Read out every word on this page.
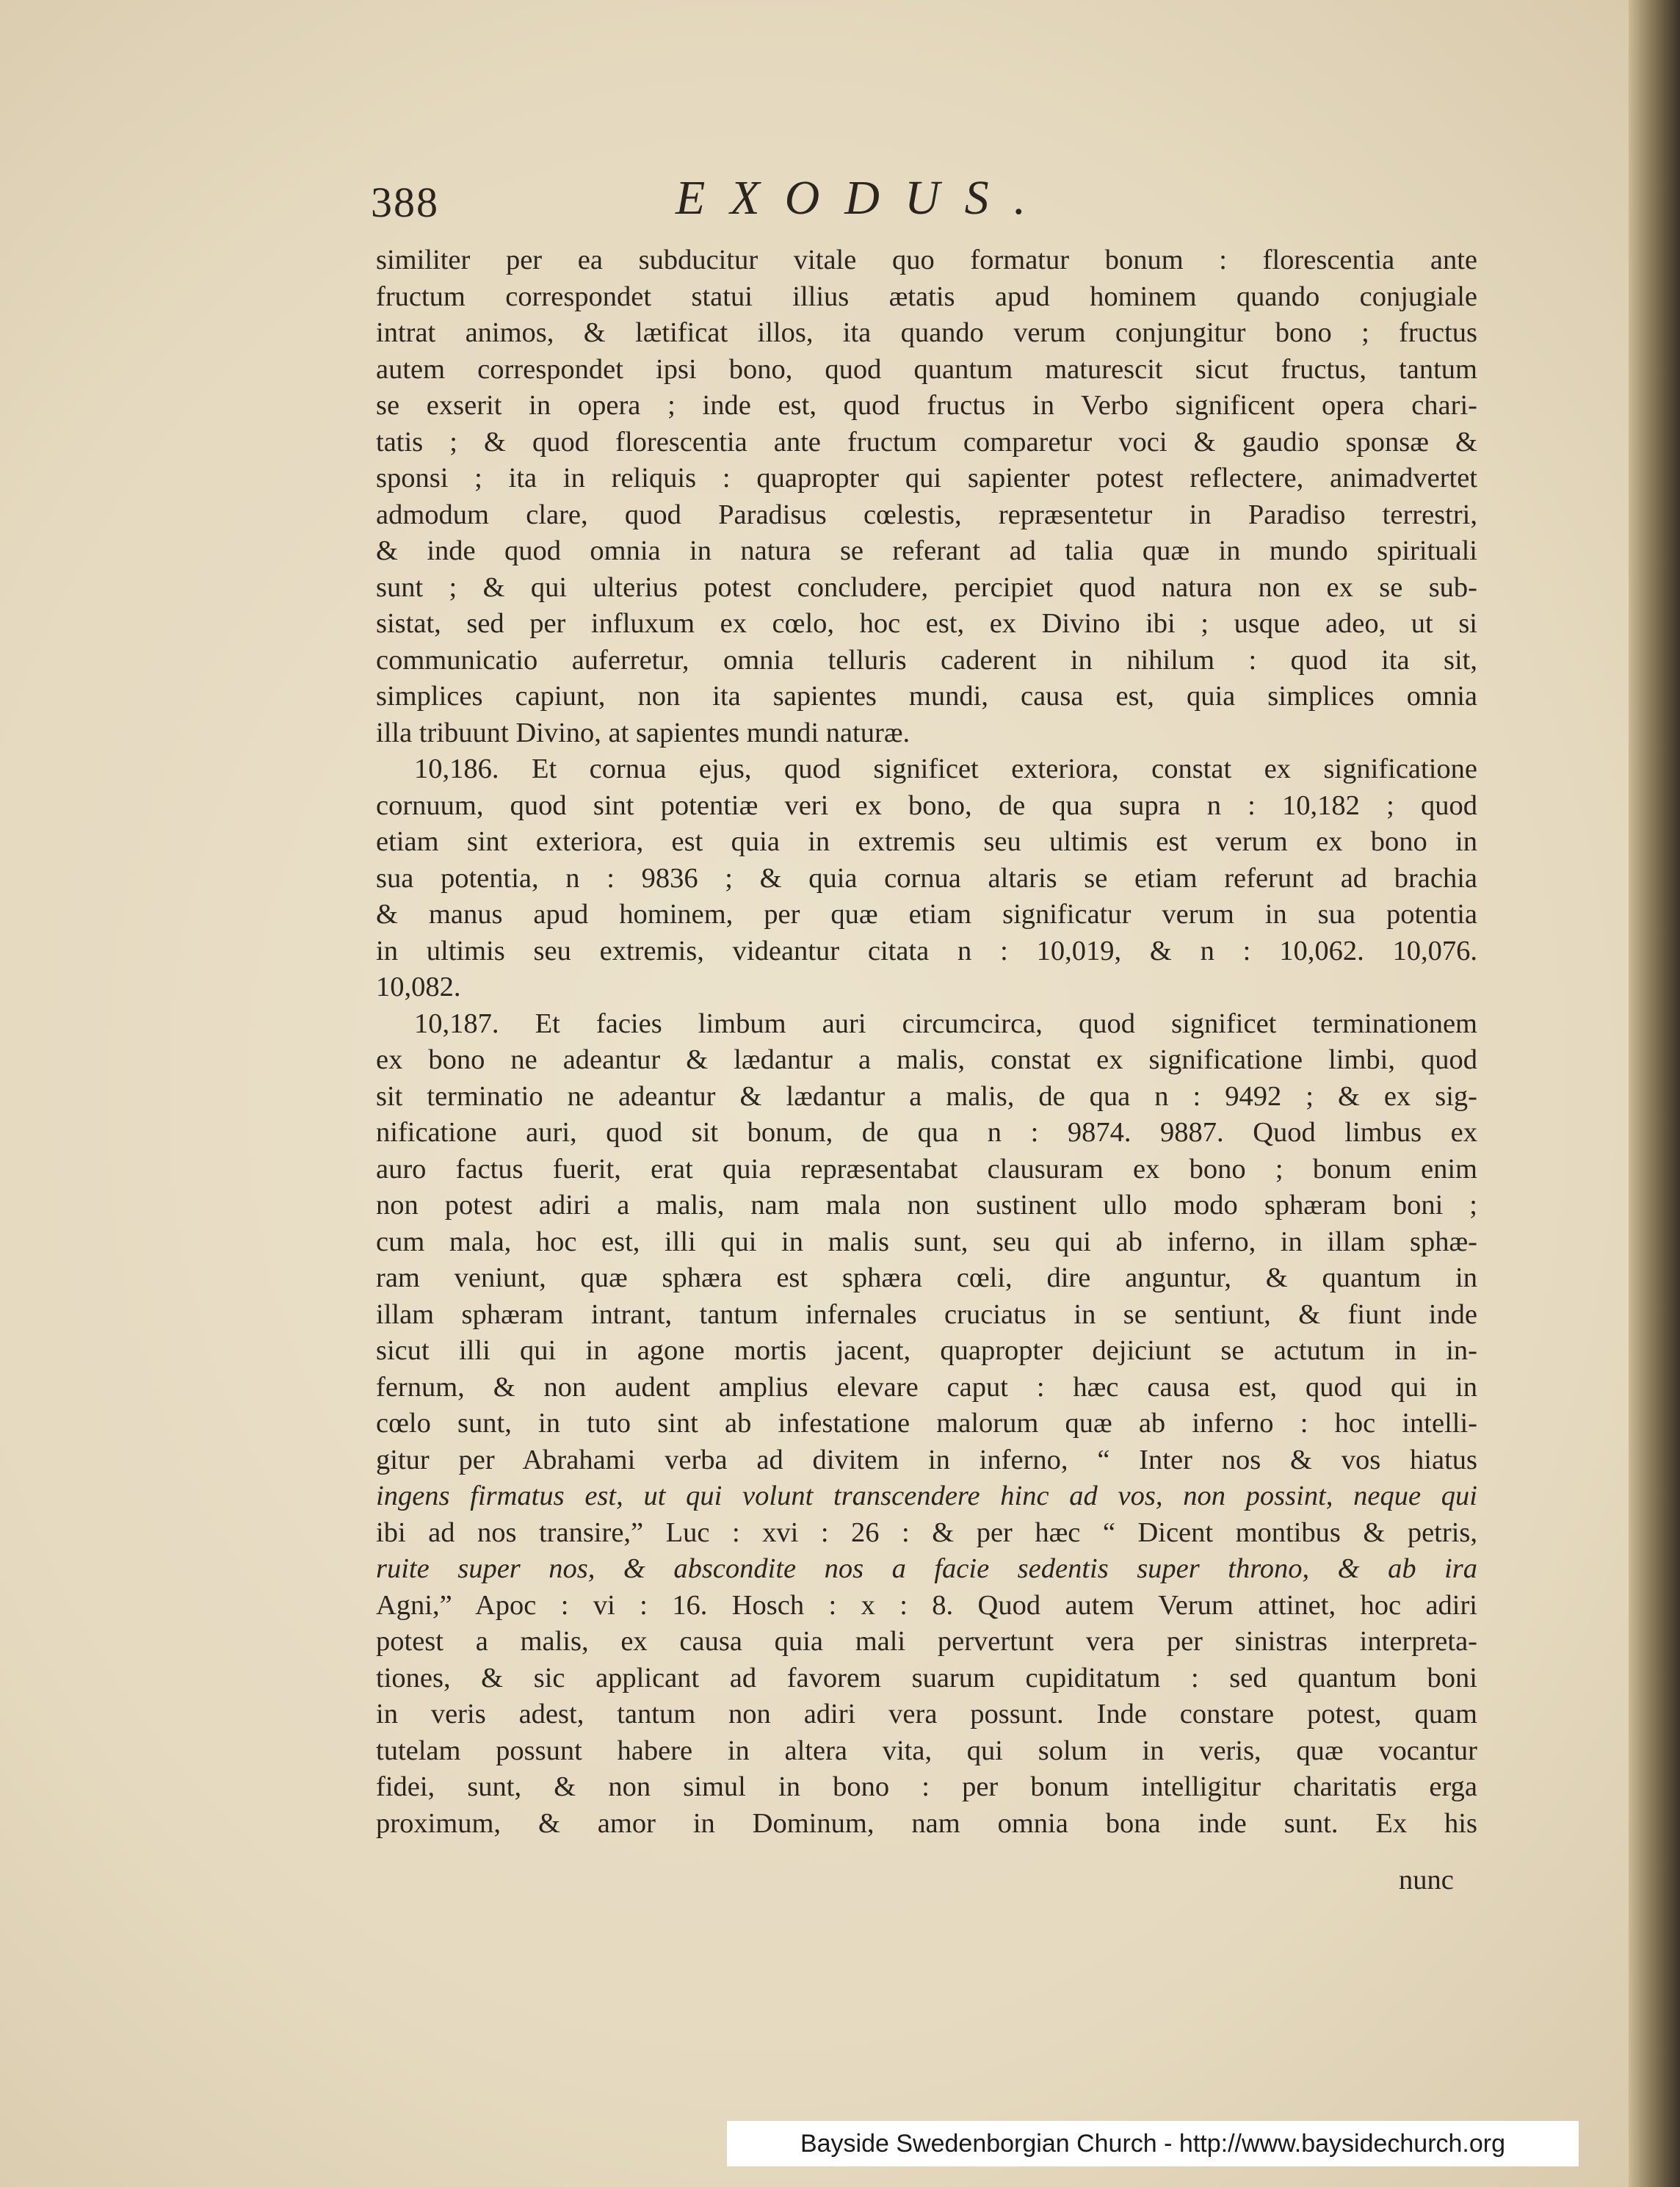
388	EXODUS.
similiter per ea subducitur vitale quo formatur bonum : florescentia ante
fructum correspondet statui illius ætatis apud hominem quando conjugiale
intrat animos, & lætificat illos, ita quando verum conjungitur bono ; fructus
autem correspondet ipsi bono, quod quantum maturescit sicut fructus, tantum
se exserit in opera ; inde est, quod fructus in Verbo significent opera chari-
tatis ; & quod florescentia ante fructum comparetur voci & gaudio sponsæ &
sponsi ; ita in reliquis : quapropter qui sapienter potest reflectere, animadvertet
admodum clare, quod Paradisus cœlestis, repræsentetur in Paradiso terrestri,
& inde quod omnia in natura se referant ad talia quæ in mundo spirituali
sunt ; & qui ulterius potest concludere, percipiet quod natura non ex se sub-
sistat, sed per influxum ex cœlo, hoc est, ex Divino ibi ; usque adeo, ut si
communicatio auferretur, omnia telluris caderent in nihilum : quod ita sit,
simplices capiunt, non ita sapientes mundi, causa est, quia simplices omnia
illa tribuunt Divino, at sapientes mundi naturæ.
10,186. Et cornua ejus, quod significet exteriora, constat ex significatione
cornuum, quod sint potentiæ veri ex bono, de qua supra n : 10,182 ; quod
etiam sint exteriora, est quia in extremis seu ultimis est verum ex bono in
sua potentia, n : 9836 ; & quia cornua altaris se etiam referunt ad brachia
& manus apud hominem, per quæ etiam significatur verum in sua potentia
in ultimis seu extremis, videantur citata n : 10,019, & n : 10,062. 10,076.
10,082.
10,187. Et facies limbum auri circumcirca, quod significet terminationem
ex bono ne adeantur & lædantur a malis, constat ex significatione limbi, quod
sit terminatio ne adeantur & lædantur a malis, de qua n : 9492 ; & ex sig-
nificatione auri, quod sit bonum, de qua n : 9874. 9887. Quod limbus ex
auro factus fuerit, erat quia repræsentabat clausuram ex bono ; bonum enim
non potest adiri a malis, nam mala non sustinent ullo modo sphæram boni ;
cum mala, hoc est, illi qui in malis sunt, seu qui ab inferno, in illam sphæ-
ram veniunt, quæ sphæra est sphæra cœli, dire anguntur, & quantum in
illam sphæram intrant, tantum infernales cruciatus in se sentiunt, & fiunt inde
sicut illi qui in agone mortis jacent, quapropter dejiciunt se actutum in in-
fernum, & non audent amplius elevare caput : hæc causa est, quod qui in
cœlo sunt, in tuto sint ab infestatione malorum quæ ab inferno : hoc intelli-
gitur per Abrahami verba ad divitem in inferno, “ Inter nos & vos hiatus
ingens firmatus est, ut qui volunt transcendere hinc ad vos, non possint, neque qui
ibi ad nos transire,” Luc : xvi : 26 : & per hæc “ Dicent montibus & petris,
ruite super nos, & abscondite nos a facie sedentis super throno, & ab ira
Agni,” Apoc : vi : 16. Hosch : x : 8. Quod autem Verum attinet, hoc adiri
potest a malis, ex causa quia mali pervertunt vera per sinistras interpreta-
tiones, & sic applicant ad favorem suarum cupiditatum : sed quantum boni
in veris adest, tantum non adiri vera possunt. Inde constare potest, quam
tutelam possunt habere in altera vita, qui solum in veris, quæ vocantur
fidei, sunt, & non simul in bono : per bonum intelligitur charitatis erga
proximum, & amor in Dominum, nam omnia bona inde sunt. Ex his
nunc
Bayside Swedenborgian Church - http://www.baysidechurch.org
